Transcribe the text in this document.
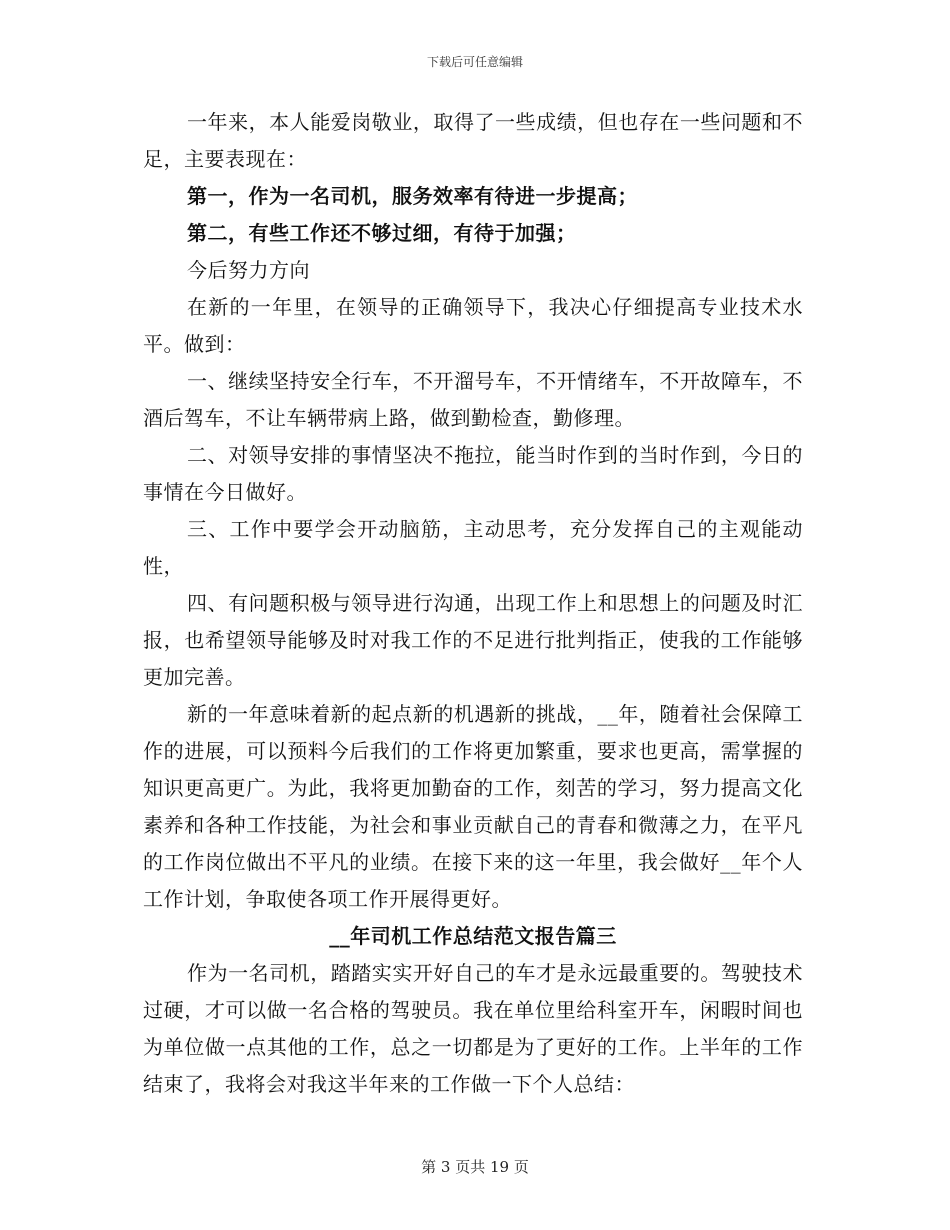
下载后可任意编辑

一年来，本人能爱岗敬业，取得了一些成绩，但也存在一些问题和不足，主要表现在：

第一，作为一名司机，服务效率有待进一步提高；

第二，有些工作还不够过细，有待于加强；

今后努力方向

在新的一年里，在领导的正确领导下，我决心仔细提高专业技术水平。做到：

一、继续坚持安全行车，不开溜号车，不开情绪车，不开故障车，不酒后驾车，不让车辆带病上路，做到勤检查，勤修理。

二、对领导安排的事情坚决不拖拉，能当时作到的当时作到，今日的事情在今日做好。

三、工作中要学会开动脑筋，主动思考，充分发挥自己的主观能动性，

四、有问题积极与领导进行沟通，出现工作上和思想上的问题及时汇报，也希望领导能够及时对我工作的不足进行批判指正，使我的工作能够更加完善。

新的一年意味着新的起点新的机遇新的挑战，__年，随着社会保障工作的进展，可以预料今后我们的工作将更加繁重，要求也更高，需掌握的知识更高更广。为此，我将更加勤奋的工作，刻苦的学习，努力提高文化素养和各种工作技能，为社会和事业贡献自己的青春和微薄之力，在平凡的工作岗位做出不平凡的业绩。在接下来的这一年里，我会做好__年个人工作计划，争取使各项工作开展得更好。

__年司机工作总结范文报告篇三

作为一名司机，踏踏实实开好自己的车才是永远最重要的。驾驶技术过硬，才可以做一名合格的驾驶员。我在单位里给科室开车，闲暇时间也为单位做一点其他的工作，总之一切都是为了更好的工作。上半年的工作结束了，我将会对我这半年来的工作做一下个人总结：

第 3 页共 19 页
